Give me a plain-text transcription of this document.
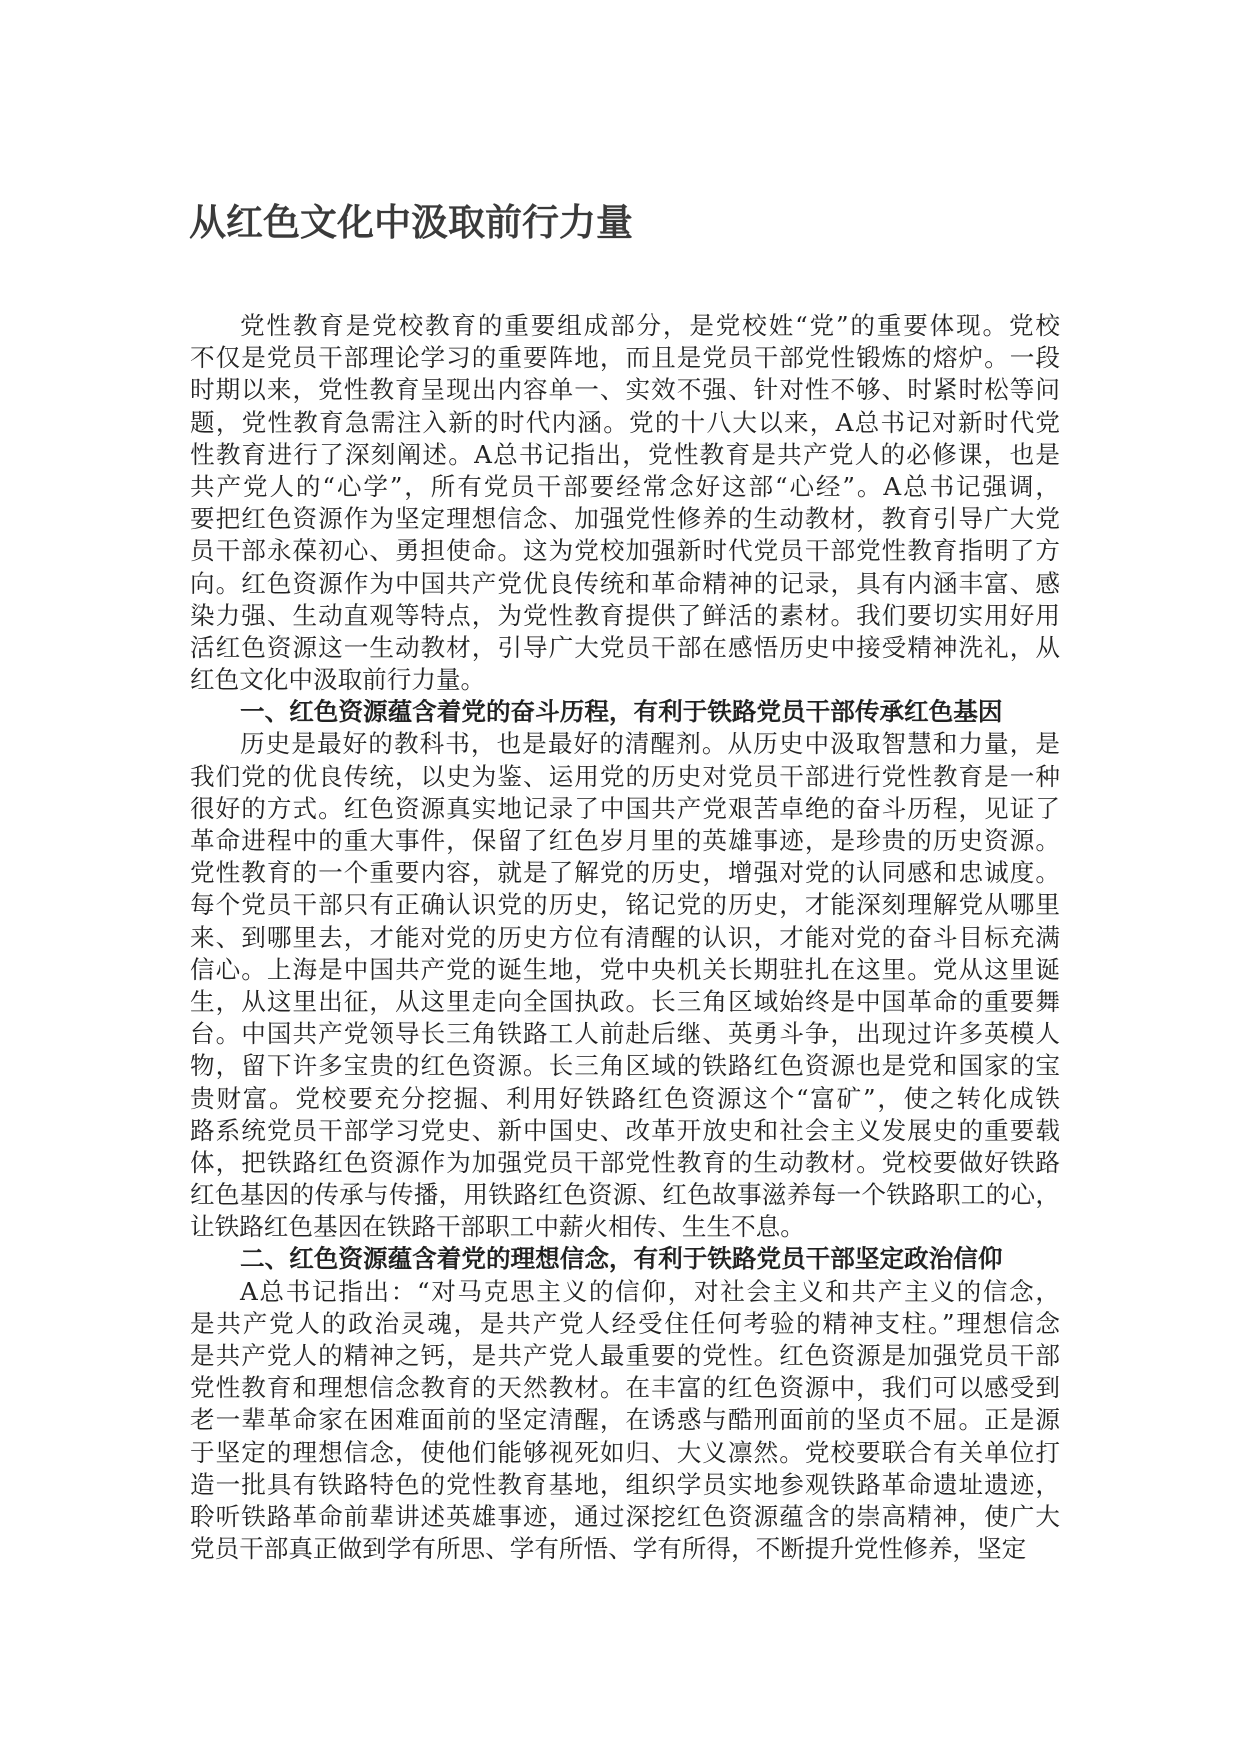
从红色文化中汲取前行力量

党性教育是党校教育的重要组成部分，是党校姓“党”的重要体现。党校
不仅是党员干部理论学习的重要阵地，而且是党员干部党性锻炼的熔炉。一段
时期以来，党性教育呈现出内容单一、实效不强、针对性不够、时紧时松等问
题，党性教育急需注入新的时代内涵。党的十八大以来，A总书记对新时代党
性教育进行了深刻阐述。A总书记指出，党性教育是共产党人的必修课，也是
共产党人的“心学”，所有党员干部要经常念好这部“心经”。A总书记强调，
要把红色资源作为坚定理想信念、加强党性修养的生动教材，教育引导广大党
员干部永葆初心、勇担使命。这为党校加强新时代党员干部党性教育指明了方
向。红色资源作为中国共产党优良传统和革命精神的记录，具有内涵丰富、感
染力强、生动直观等特点，为党性教育提供了鲜活的素材。我们要切实用好用
活红色资源这一生动教材，引导广大党员干部在感悟历史中接受精神洗礼，从
红色文化中汲取前行力量。

一、红色资源蕴含着党的奋斗历程，有利于铁路党员干部传承红色基因

历史是最好的教科书，也是最好的清醒剂。从历史中汲取智慧和力量，是
我们党的优良传统，以史为鉴、运用党的历史对党员干部进行党性教育是一种
很好的方式。红色资源真实地记录了中国共产党艰苦卓绝的奋斗历程，见证了
革命进程中的重大事件，保留了红色岁月里的英雄事迹，是珍贵的历史资源。
党性教育的一个重要内容，就是了解党的历史，增强对党的认同感和忠诚度。
每个党员干部只有正确认识党的历史，铭记党的历史，才能深刻理解党从哪里
来、到哪里去，才能对党的历史方位有清醒的认识，才能对党的奋斗目标充满
信心。上海是中国共产党的诞生地，党中央机关长期驻扎在这里。党从这里诞
生，从这里出征，从这里走向全国执政。长三角区域始终是中国革命的重要舞
台。中国共产党领导长三角铁路工人前赴后继、英勇斗争，出现过许多英模人
物，留下许多宝贵的红色资源。长三角区域的铁路红色资源也是党和国家的宝
贵财富。党校要充分挖掘、利用好铁路红色资源这个“富矿”，使之转化成铁
路系统党员干部学习党史、新中国史、改革开放史和社会主义发展史的重要载
体，把铁路红色资源作为加强党员干部党性教育的生动教材。党校要做好铁路
红色基因的传承与传播，用铁路红色资源、红色故事滋养每一个铁路职工的心，
让铁路红色基因在铁路干部职工中薪火相传、生生不息。

二、红色资源蕴含着党的理想信念，有利于铁路党员干部坚定政治信仰

A总书记指出：“对马克思主义的信仰，对社会主义和共产主义的信念，
是共产党人的政治灵魂，是共产党人经受住任何考验的精神支柱。”理想信念
是共产党人的精神之钙，是共产党人最重要的党性。红色资源是加强党员干部
党性教育和理想信念教育的天然教材。在丰富的红色资源中，我们可以感受到
老一辈革命家在困难面前的坚定清醒，在诱惑与酷刑面前的坚贞不屈。正是源
于坚定的理想信念，使他们能够视死如归、大义凛然。党校要联合有关单位打
造一批具有铁路特色的党性教育基地，组织学员实地参观铁路革命遗址遗迹，
聆听铁路革命前辈讲述英雄事迹，通过深挖红色资源蕴含的崇高精神，使广大
党员干部真正做到学有所思、学有所悟、学有所得，不断提升党性修养，坚定
